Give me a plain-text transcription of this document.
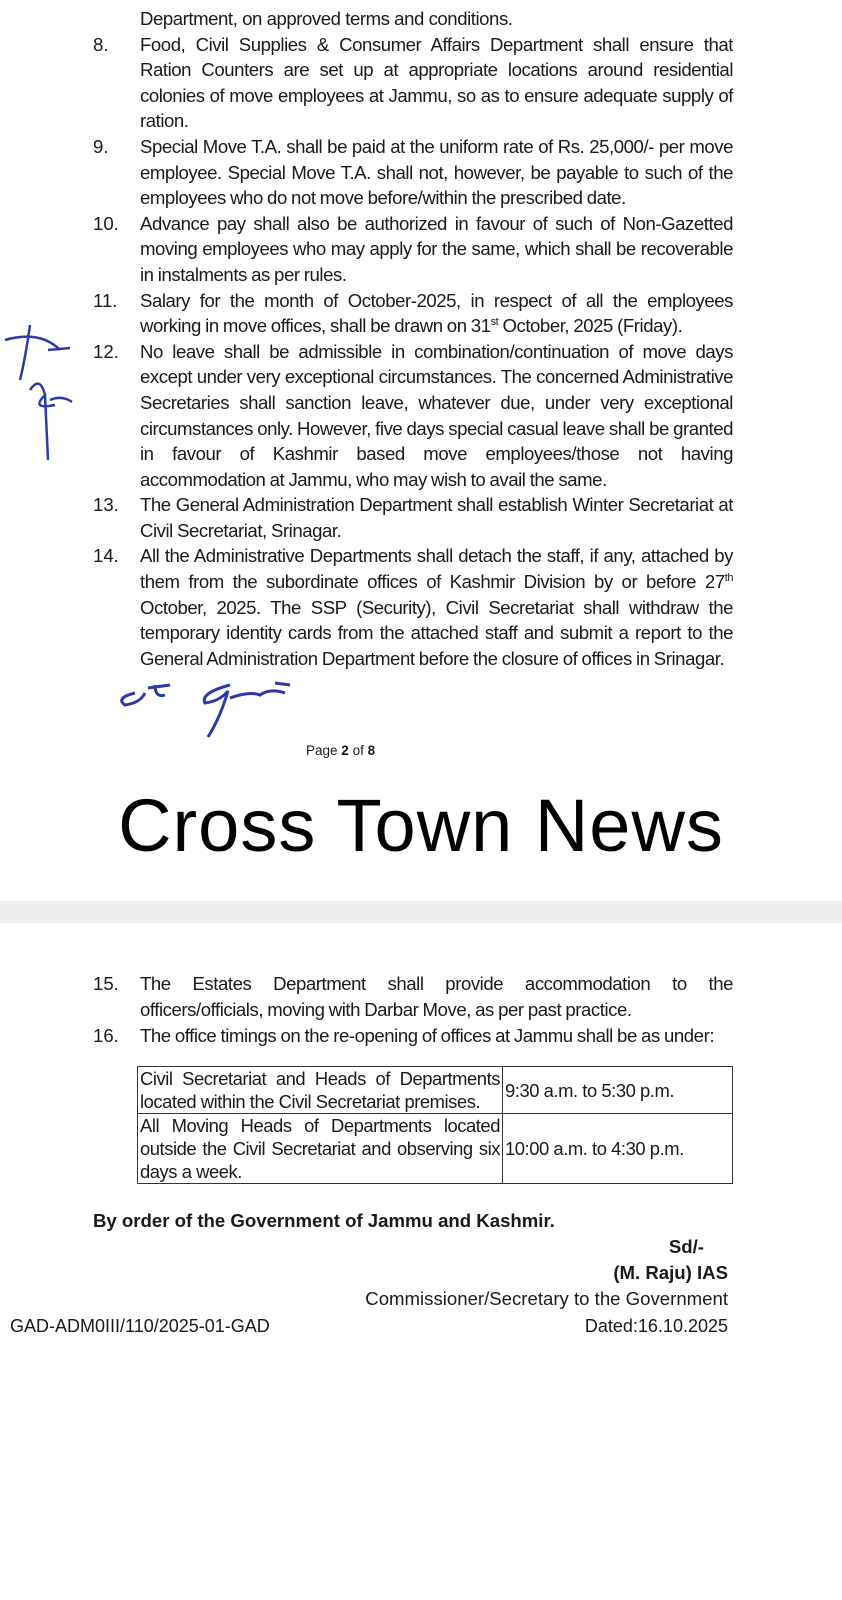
Department, on approved terms and conditions.
8.	Food, Civil Supplies & Consumer Affairs Department shall ensure that Ration Counters are set up at appropriate locations around residential colonies of move employees at Jammu, so as to ensure adequate supply of ration.
9.	Special Move T.A. shall be paid at the uniform rate of Rs. 25,000/- per move employee. Special Move T.A. shall not, however, be payable to such of the employees who do not move before/within the prescribed date.
10.	Advance pay shall also be authorized in favour of such of Non-Gazetted moving employees who may apply for the same, which shall be recoverable in instalments as per rules.
11.	Salary for the month of October-2025, in respect of all the employees working in move offices, shall be drawn on 31st October, 2025 (Friday).
12.	No leave shall be admissible in combination/continuation of move days except under very exceptional circumstances. The concerned Administrative Secretaries shall sanction leave, whatever due, under very exceptional circumstances only. However, five days special casual leave shall be granted in favour of Kashmir based move employees/those not having accommodation at Jammu, who may wish to avail the same.
13.	The General Administration Department shall establish Winter Secretariat at Civil Secretariat, Srinagar.
14.	All the Administrative Departments shall detach the staff, if any, attached by them from the subordinate offices of Kashmir Division by or before 27th October, 2025. The SSP (Security), Civil Secretariat shall withdraw the temporary identity cards from the attached staff and submit a report to the General Administration Department before the closure of offices in Srinagar.
Page 2 of 8
Cross Town News
15.	The Estates Department shall provide accommodation to the officers/officials, moving with Darbar Move, as per past practice.
16.	The office timings on the re-opening of offices at Jammu shall be as under:
Civil Secretariat and Heads of Departments located within the Civil Secretariat premises.	9:30 a.m. to 5:30 p.m.
All Moving Heads of Departments located outside the Civil Secretariat and observing six days a week.	10:00 a.m. to 4:30 p.m.
By order of the Government of Jammu and Kashmir.
Sd/-
(M. Raju) IAS
Commissioner/Secretary to the Government
GAD-ADM0III/110/2025-01-GAD	Dated:16.10.2025
